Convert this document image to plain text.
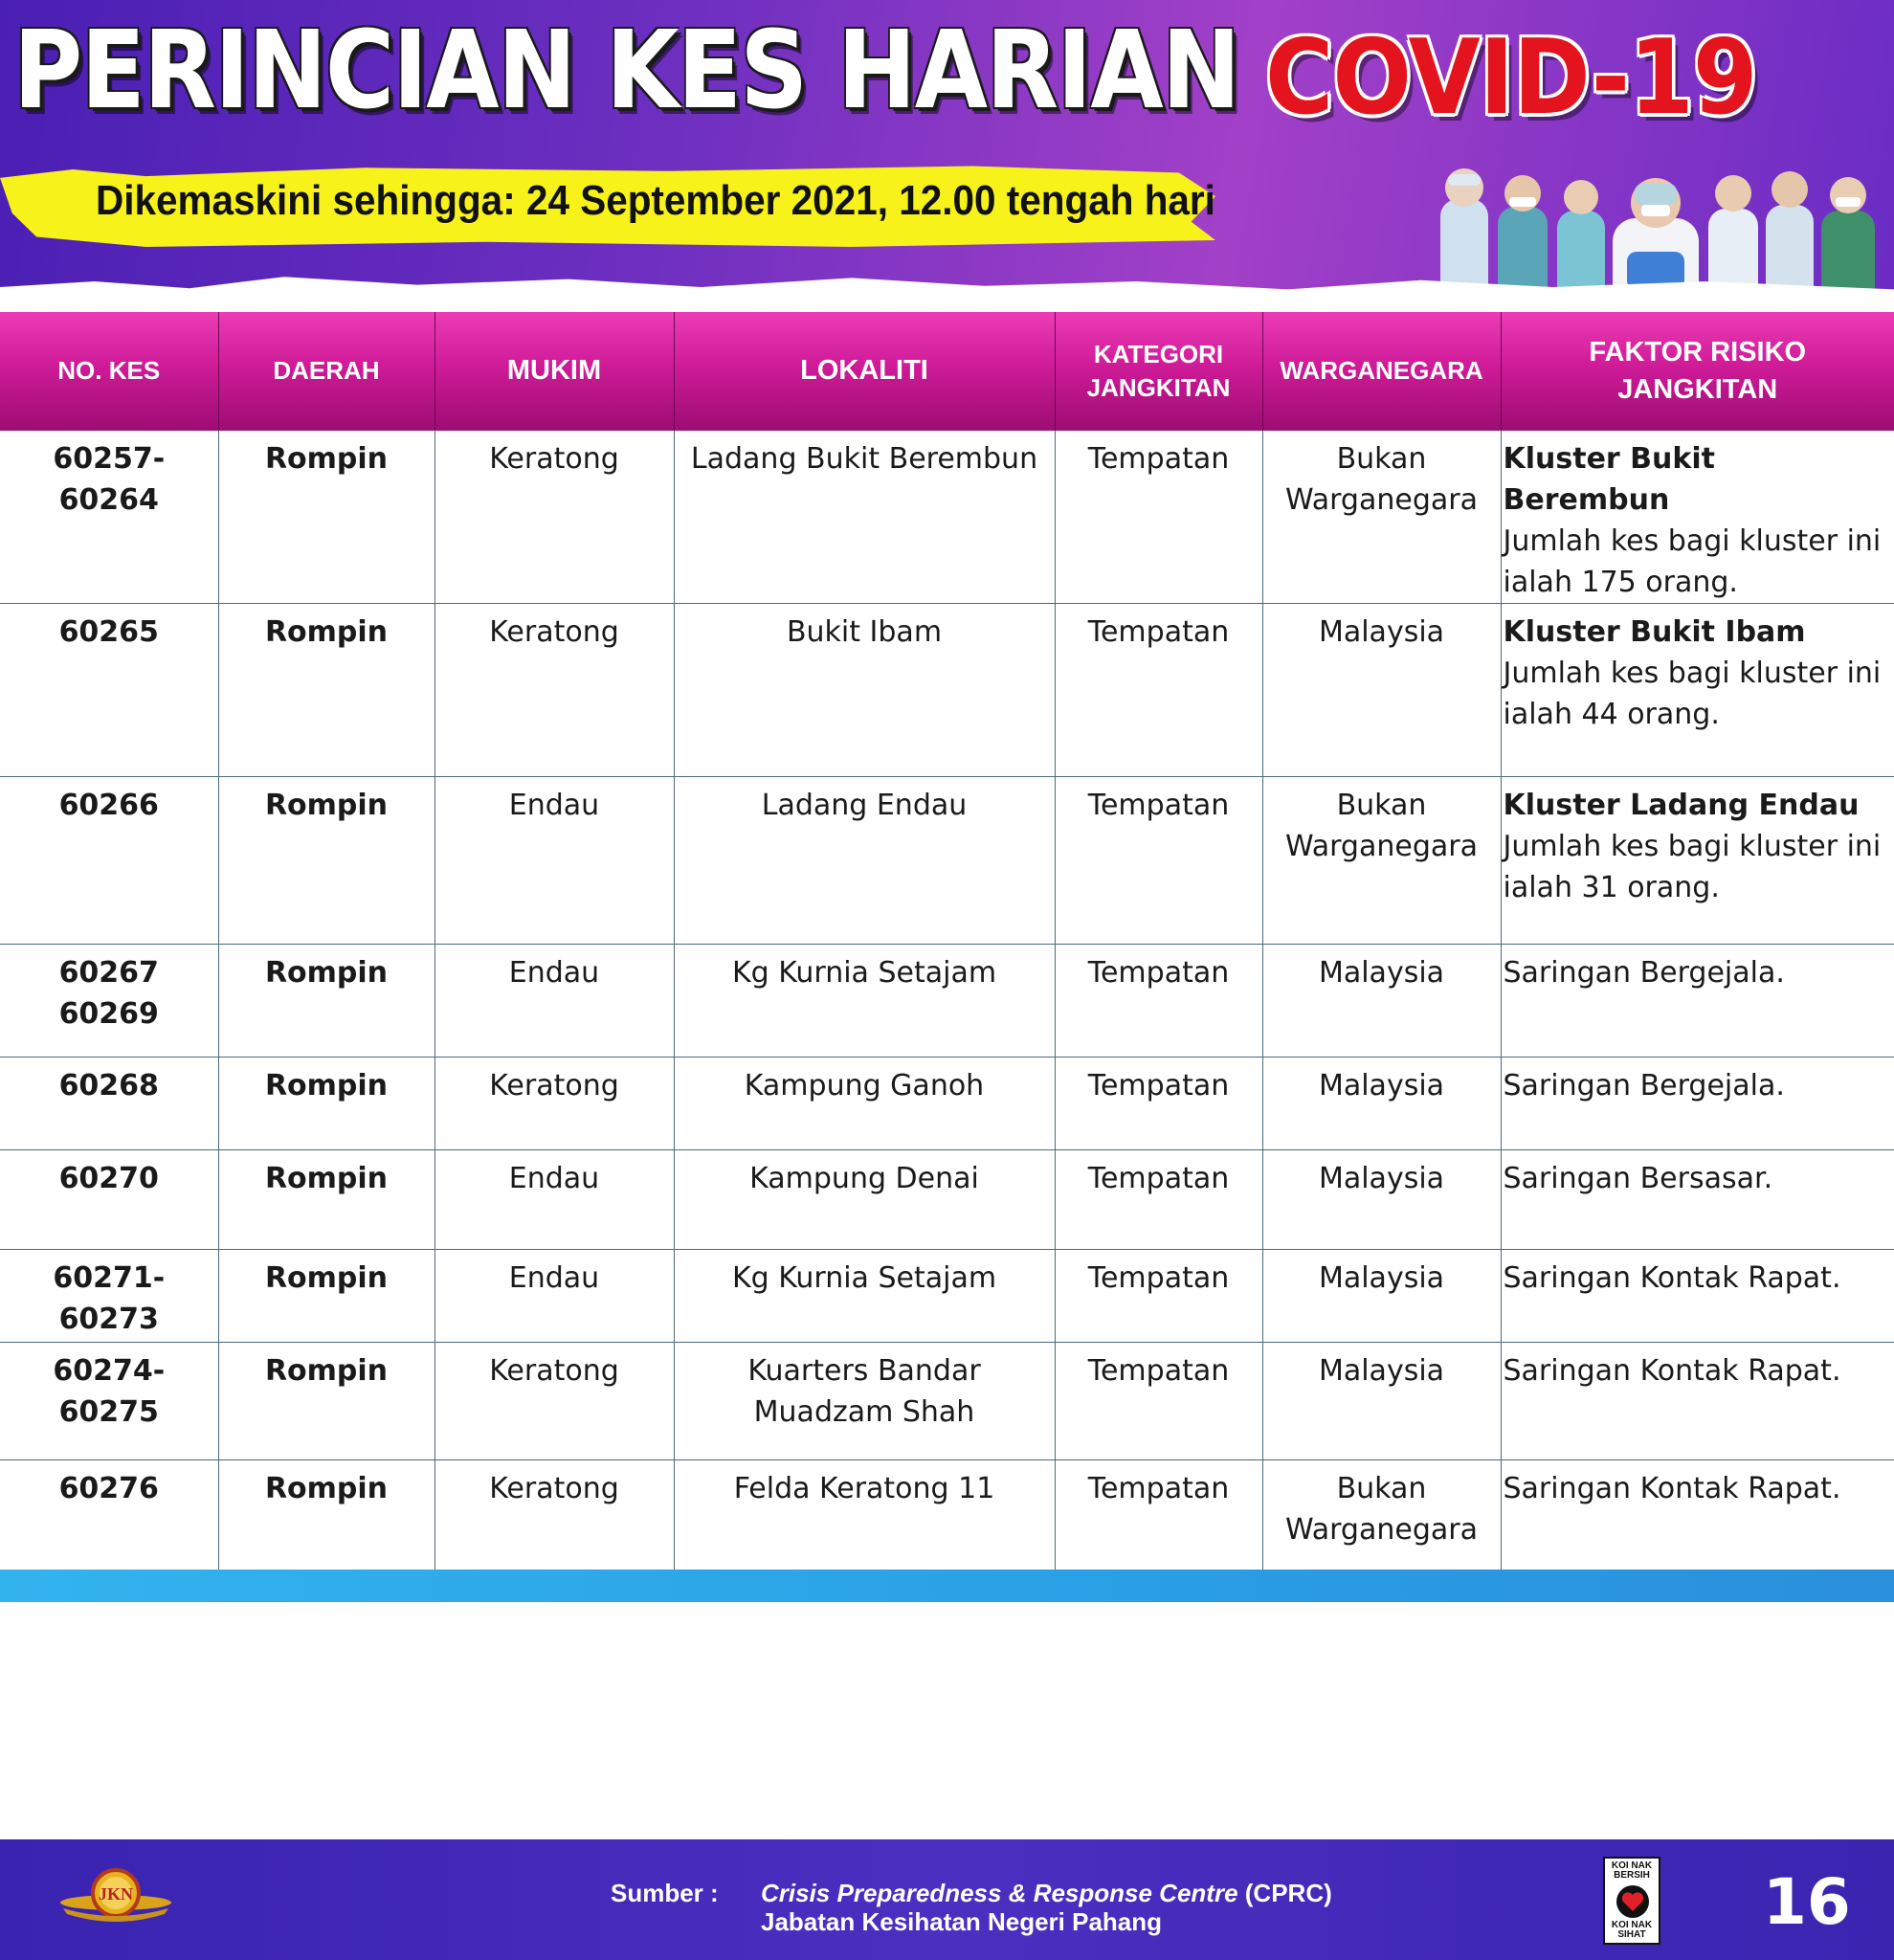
PERINCIAN KES HARIAN COVID-19

Dikemaskini sehingga: 24 September 2021, 12.00 tengah hari

NO. KES	DAERAH	MUKIM	LOKALITI	KATEGORI JANGKITAN	WARGANEGARA	FAKTOR RISIKO JANGKITAN
60257-60264	Rompin	Keratong	Ladang Bukit Berembun	Tempatan	Bukan Warganegara	Kluster Bukit Berembun
Jumlah kes bagi kluster ini ialah 175 orang.
60265	Rompin	Keratong	Bukit Ibam	Tempatan	Malaysia	Kluster Bukit Ibam
Jumlah kes bagi kluster ini ialah 44 orang.
60266	Rompin	Endau	Ladang Endau	Tempatan	Bukan Warganegara	Kluster Ladang Endau
Jumlah kes bagi kluster ini ialah 31 orang.
60267 60269	Rompin	Endau	Kg Kurnia Setajam	Tempatan	Malaysia	Saringan Bergejala.
60268	Rompin	Keratong	Kampung Ganoh	Tempatan	Malaysia	Saringan Bergejala.
60270	Rompin	Endau	Kampung Denai	Tempatan	Malaysia	Saringan Bersasar.
60271-60273	Rompin	Endau	Kg Kurnia Setajam	Tempatan	Malaysia	Saringan Kontak Rapat.
60274-60275	Rompin	Keratong	Kuarters Bandar Muadzam Shah	Tempatan	Malaysia	Saringan Kontak Rapat.
60276	Rompin	Keratong	Felda Keratong 11	Tempatan	Bukan Warganegara	Saringan Kontak Rapat.
JKN	Sumber : Crisis Preparedness & Response Centre (CPRC)

Jabatan Kesihatan Negeri Pahang

KOI NAK BERSIH
KOI NAK SIHAT 16
